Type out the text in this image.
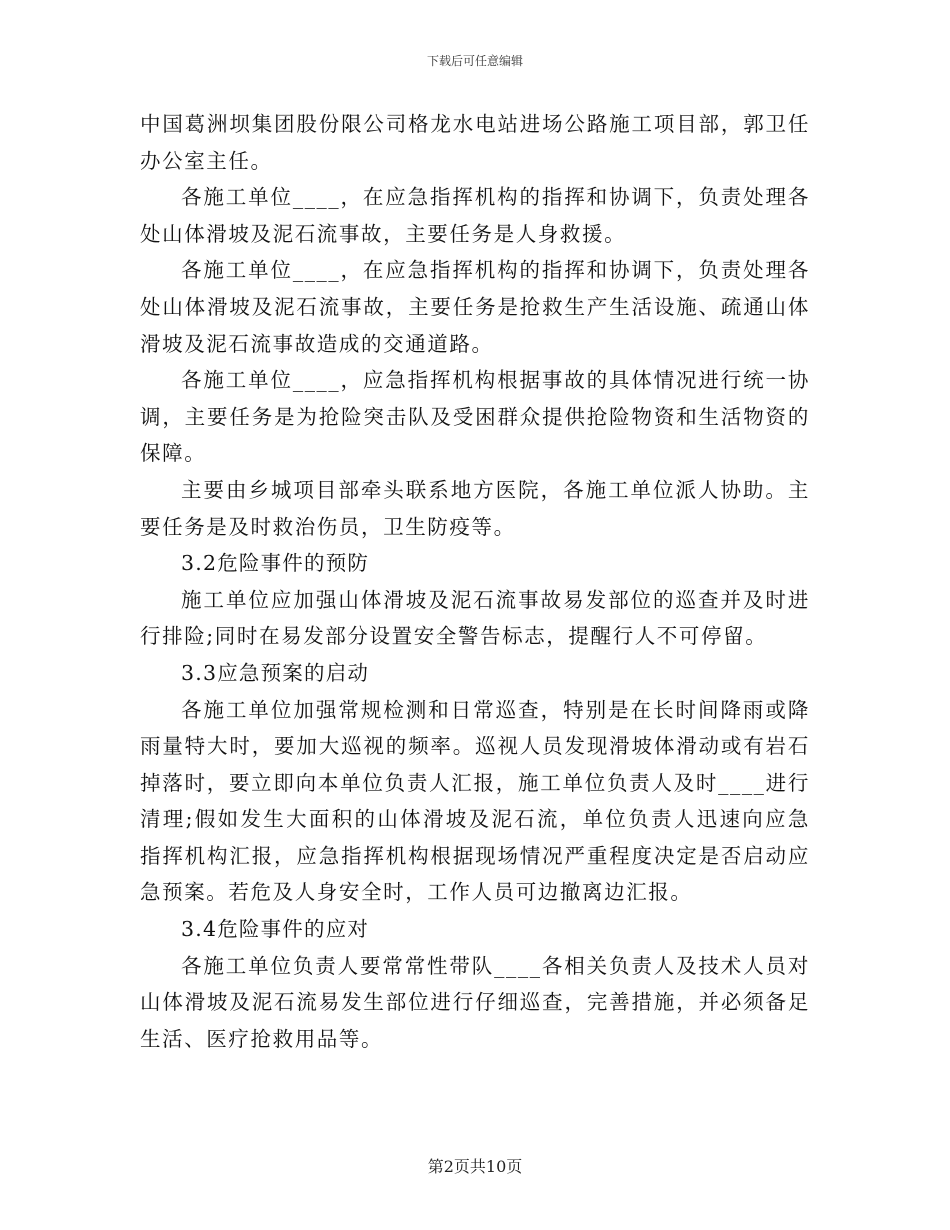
下载后可任意编辑

中国葛洲坝集团股份限公司格龙水电站进场公路施工项目部，郭卫任办公室主任。

各施工单位____，在应急指挥机构的指挥和协调下，负责处理各处山体滑坡及泥石流事故，主要任务是人身救援。

各施工单位____，在应急指挥机构的指挥和协调下，负责处理各处山体滑坡及泥石流事故，主要任务是抢救生产生活设施、疏通山体滑坡及泥石流事故造成的交通道路。

各施工单位____，应急指挥机构根据事故的具体情况进行统一协调，主要任务是为抢险突击队及受困群众提供抢险物资和生活物资的保障。

主要由乡城项目部牵头联系地方医院，各施工单位派人协助。主要任务是及时救治伤员，卫生防疫等。

3.2危险事件的预防

施工单位应加强山体滑坡及泥石流事故易发部位的巡查并及时进行排险;同时在易发部分设置安全警告标志，提醒行人不可停留。

3.3应急预案的启动

各施工单位加强常规检测和日常巡查，特别是在长时间降雨或降雨量特大时，要加大巡视的频率。巡视人员发现滑坡体滑动或有岩石掉落时，要立即向本单位负责人汇报，施工单位负责人及时____进行清理;假如发生大面积的山体滑坡及泥石流，单位负责人迅速向应急指挥机构汇报，应急指挥机构根据现场情况严重程度决定是否启动应急预案。若危及人身安全时，工作人员可边撤离边汇报。

3.4危险事件的应对

各施工单位负责人要常常性带队____各相关负责人及技术人员对山体滑坡及泥石流易发生部位进行仔细巡查，完善措施，并必须备足生活、医疗抢救用品等。

第2页共10页
